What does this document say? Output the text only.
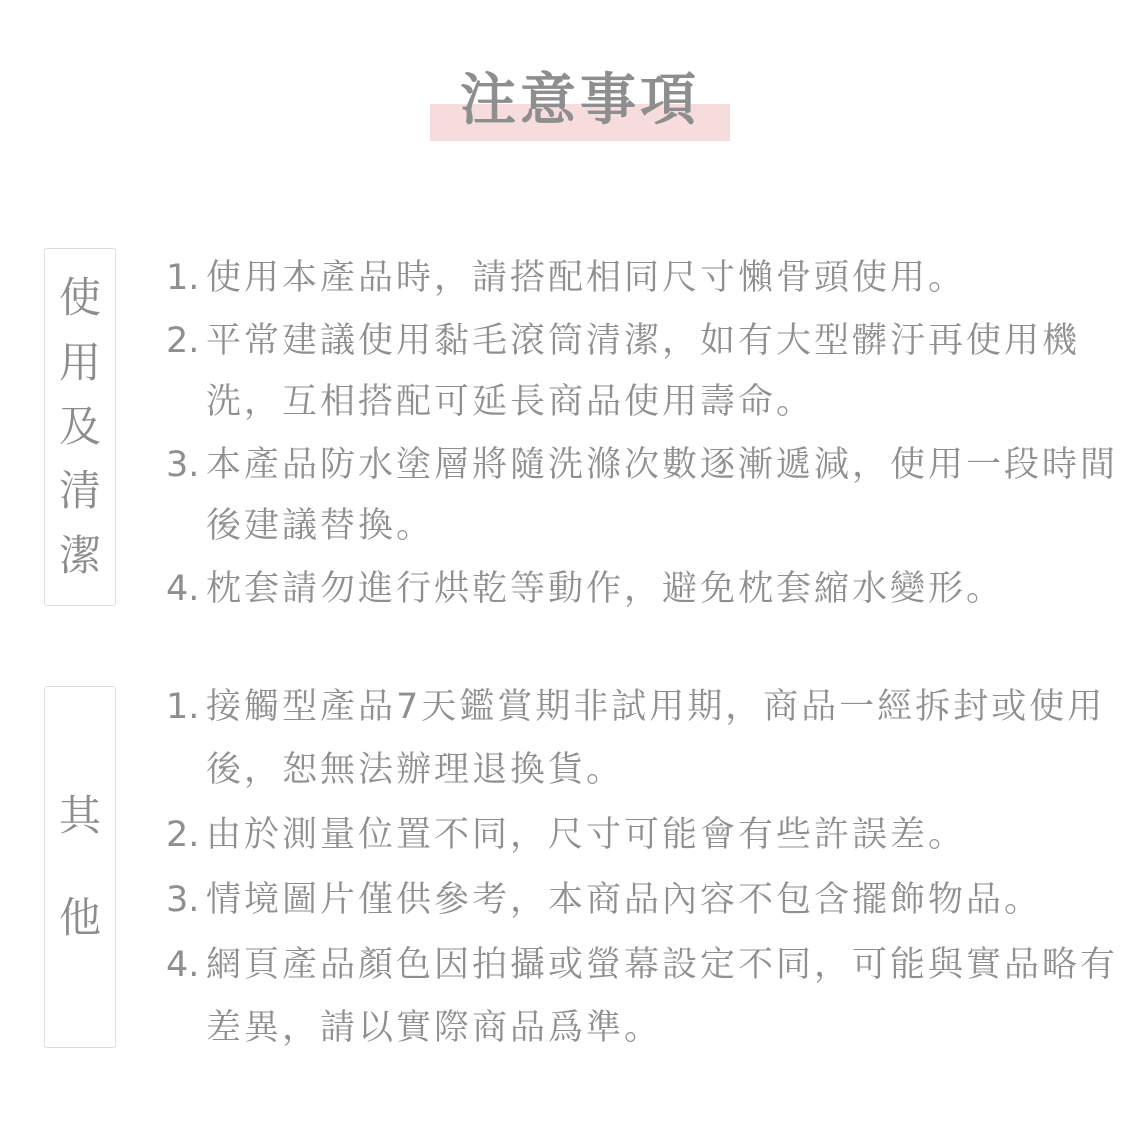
注意事項
使
用
及
清
潔
1. 使用本產品時，請搭配相同尺寸懶骨頭使用。
2. 平常建議使用黏毛滾筒清潔，如有大型髒汙再使用機洗，互相搭配可延長商品使用壽命。
3. 本產品防水塗層將隨洗滌次數逐漸遞減，使用一段時間後建議替換。
4. 枕套請勿進行烘乾等動作，避免枕套縮水變形。
其
他
1. 接觸型產品7天鑑賞期非試用期，商品一經拆封或使用後，恕無法辦理退換貨。
2. 由於測量位置不同，尺寸可能會有些許誤差。
3. 情境圖片僅供參考，本商品內容不包含擺飾物品。
4. 網頁產品顏色因拍攝或螢幕設定不同，可能與實品略有差異，請以實際商品爲準。
